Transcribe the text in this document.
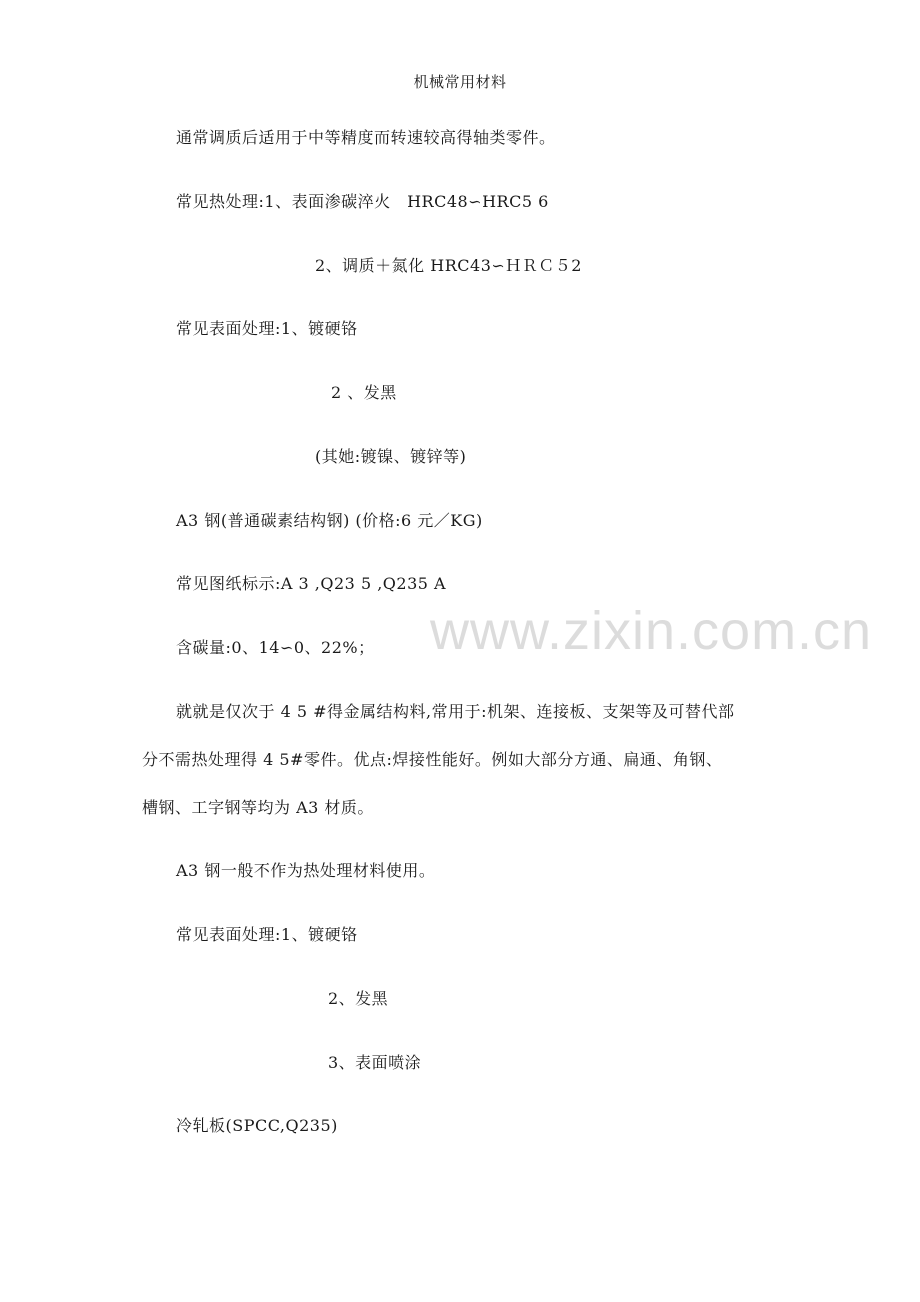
www.zixin.com.cn
机械常用材料
通常调质后适用于中等精度而转速较高得轴类零件。
常见热处理:1、表面渗碳淬火　HRC48∽HRC5 6
2、调质＋氮化 HRC43∽ＨＲＣ５2
常见表面处理:1、镀硬铬
2 、发黑
(其她:镀镍、镀锌等)
A3 钢(普通碳素结构钢) (价格:6 元／KG)
常见图纸标示:A 3 ,Q23 5 ,Q235 A
含碳量:0、14∽0、22%；
就就是仅次于 4 5 #得金属结构料,常用于:机架、连接板、支架等及可替代部
分不需热处理得 4 5#零件。优点:焊接性能好。例如大部分方通、扁通、角钢、
槽钢、工字钢等均为 A3 材质。
A3 钢一般不作为热处理材料使用。
常见表面处理:1、镀硬铬
2、发黑
3、表面喷涂
冷轧板(SPCC,Q235)
